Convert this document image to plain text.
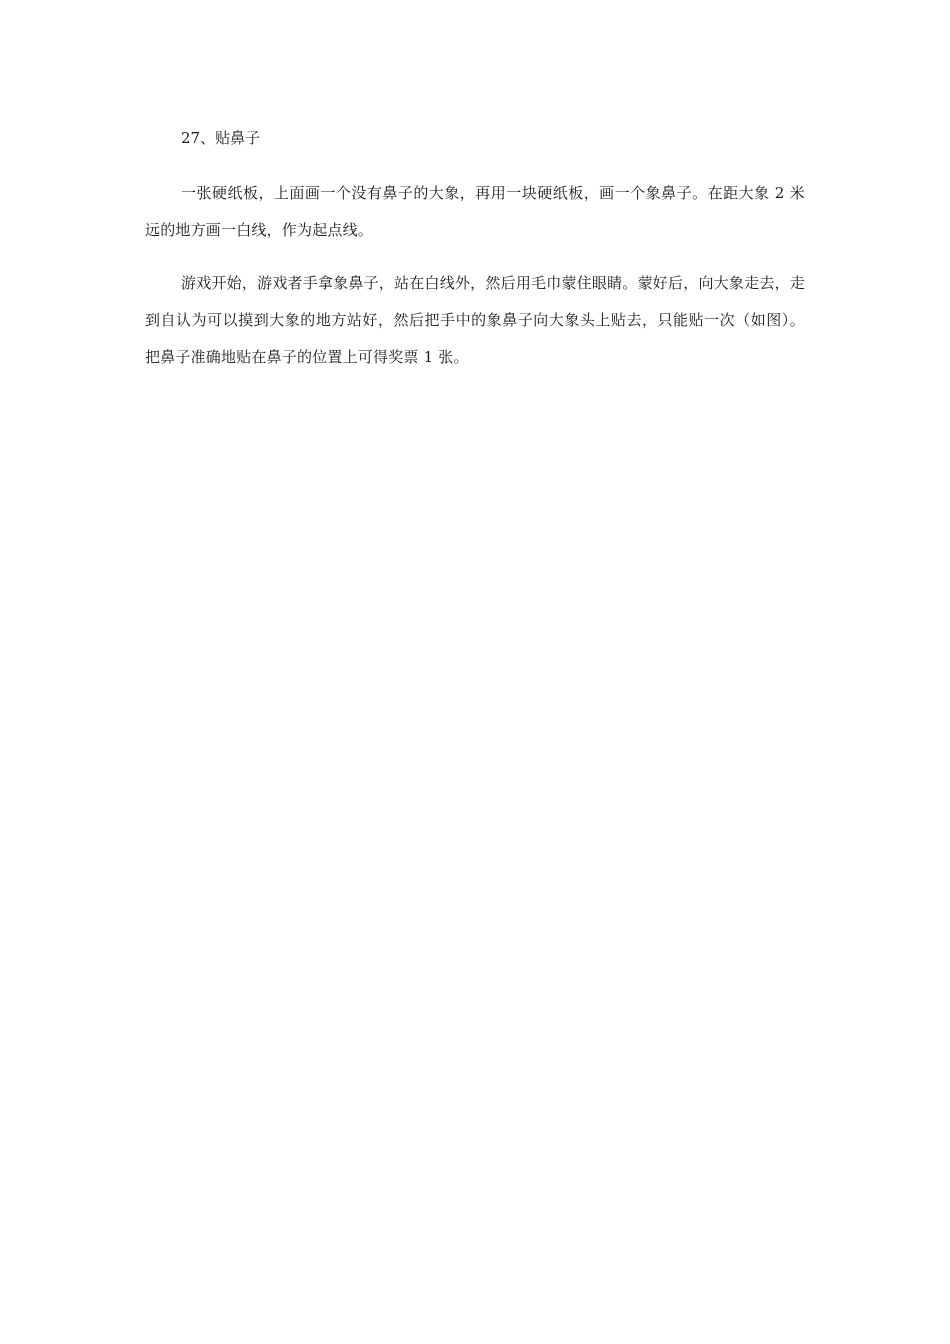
27、贴鼻子

一张硬纸板，上面画一个没有鼻子的大象，再用一块硬纸板，画一个象鼻子。在距大象 2 米远的地方画一白线，作为起点线。

游戏开始，游戏者手拿象鼻子，站在白线外，然后用毛巾蒙住眼睛。蒙好后，向大象走去，走到自认为可以摸到大象的地方站好，然后把手中的象鼻子向大象头上贴去，只能贴一次（如图）。把鼻子准确地贴在鼻子的位置上可得奖票 1 张。
